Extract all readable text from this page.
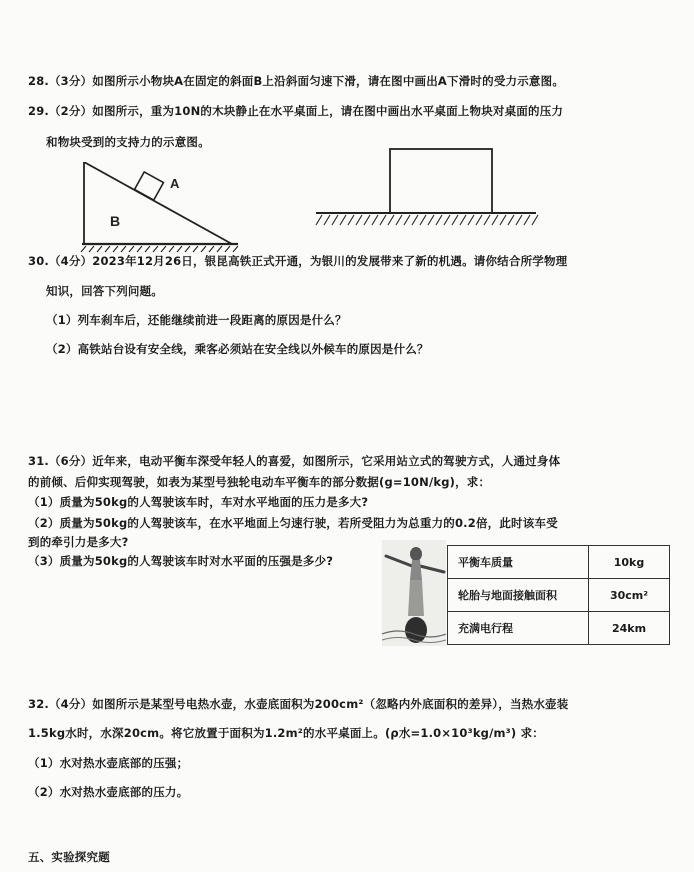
28.（3分）如图所示小物块A在固定的斜面B上沿斜面匀速下滑，请在图中画出A下滑时的受力示意图。
29.（2分）如图所示，重为10N的木块静止在水平桌面上，请在图中画出水平桌面上物块对桌面的压力
和物块受到的支持力的示意图。
A
B
30.（4分）2023年12月26日，银昆高铁正式开通，为银川的发展带来了新的机遇。请你结合所学物理
知识，回答下列问题。
（1）列车刹车后，还能继续前进一段距离的原因是什么？
（2）高铁站台设有安全线，乘客必须站在安全线以外候车的原因是什么？
31.（6分）近年来，电动平衡车深受年轻人的喜爱，如图所示，它采用站立式的驾驶方式，人通过身体
的前倾、后仰实现驾驶，如表为某型号独轮电动车平衡车的部分数据(g=10N/kg)，求：
（1）质量为50kg的人驾驶该车时，车对水平地面的压力是多大?
（2）质量为50kg的人驾驶该车，在水平地面上匀速行驶，若所受阻力为总重力的0.2倍，此时该车受
到的牵引力是多大?
（3）质量为50kg的人驾驶该车时对水平面的压强是多少?	平衡车质量	10kg
轮胎与地面接触面积	30cm²
充满电行程	24km
32.（4分）如图所示是某型号电热水壶，水壶底面积为200cm²（忽略内外底面积的差异），当热水壶装
1.5kg水时，水深20cm。将它放置于面积为1.2m²的水平桌面上。(ρ水=1.0×10³kg/m³) 求：
（1）水对热水壶底部的压强；
（2）水对热水壶底部的压力。
五、实验探究题
